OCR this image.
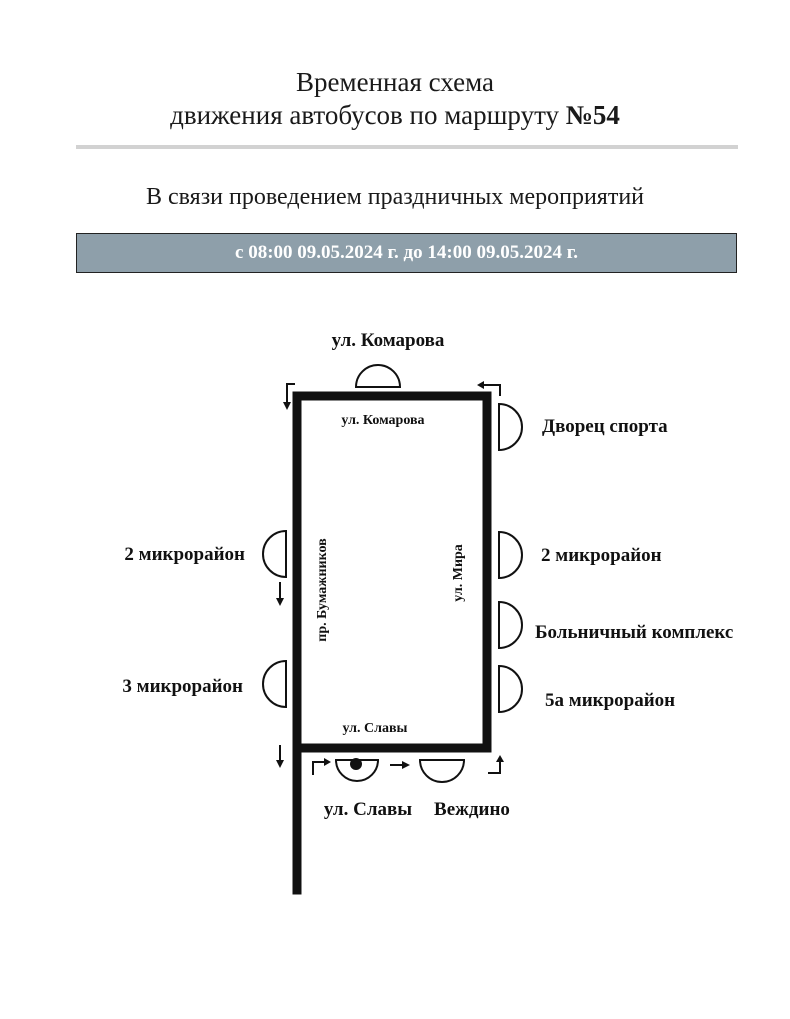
Временная схема
движения автобусов по маршруту №54
В связи проведением праздничных мероприятий
с 08:00 09.05.2024 г. до 14:00 09.05.2024 г.
ул. Комарова
ул. Славы
ул. Мира
пр. Бумажников
ул. Комарова
Дворец спорта
2 микрорайон
Больничный комплекс
5а микрорайон
2 микрорайон
3 микрорайон
ул. Славы Веждино
